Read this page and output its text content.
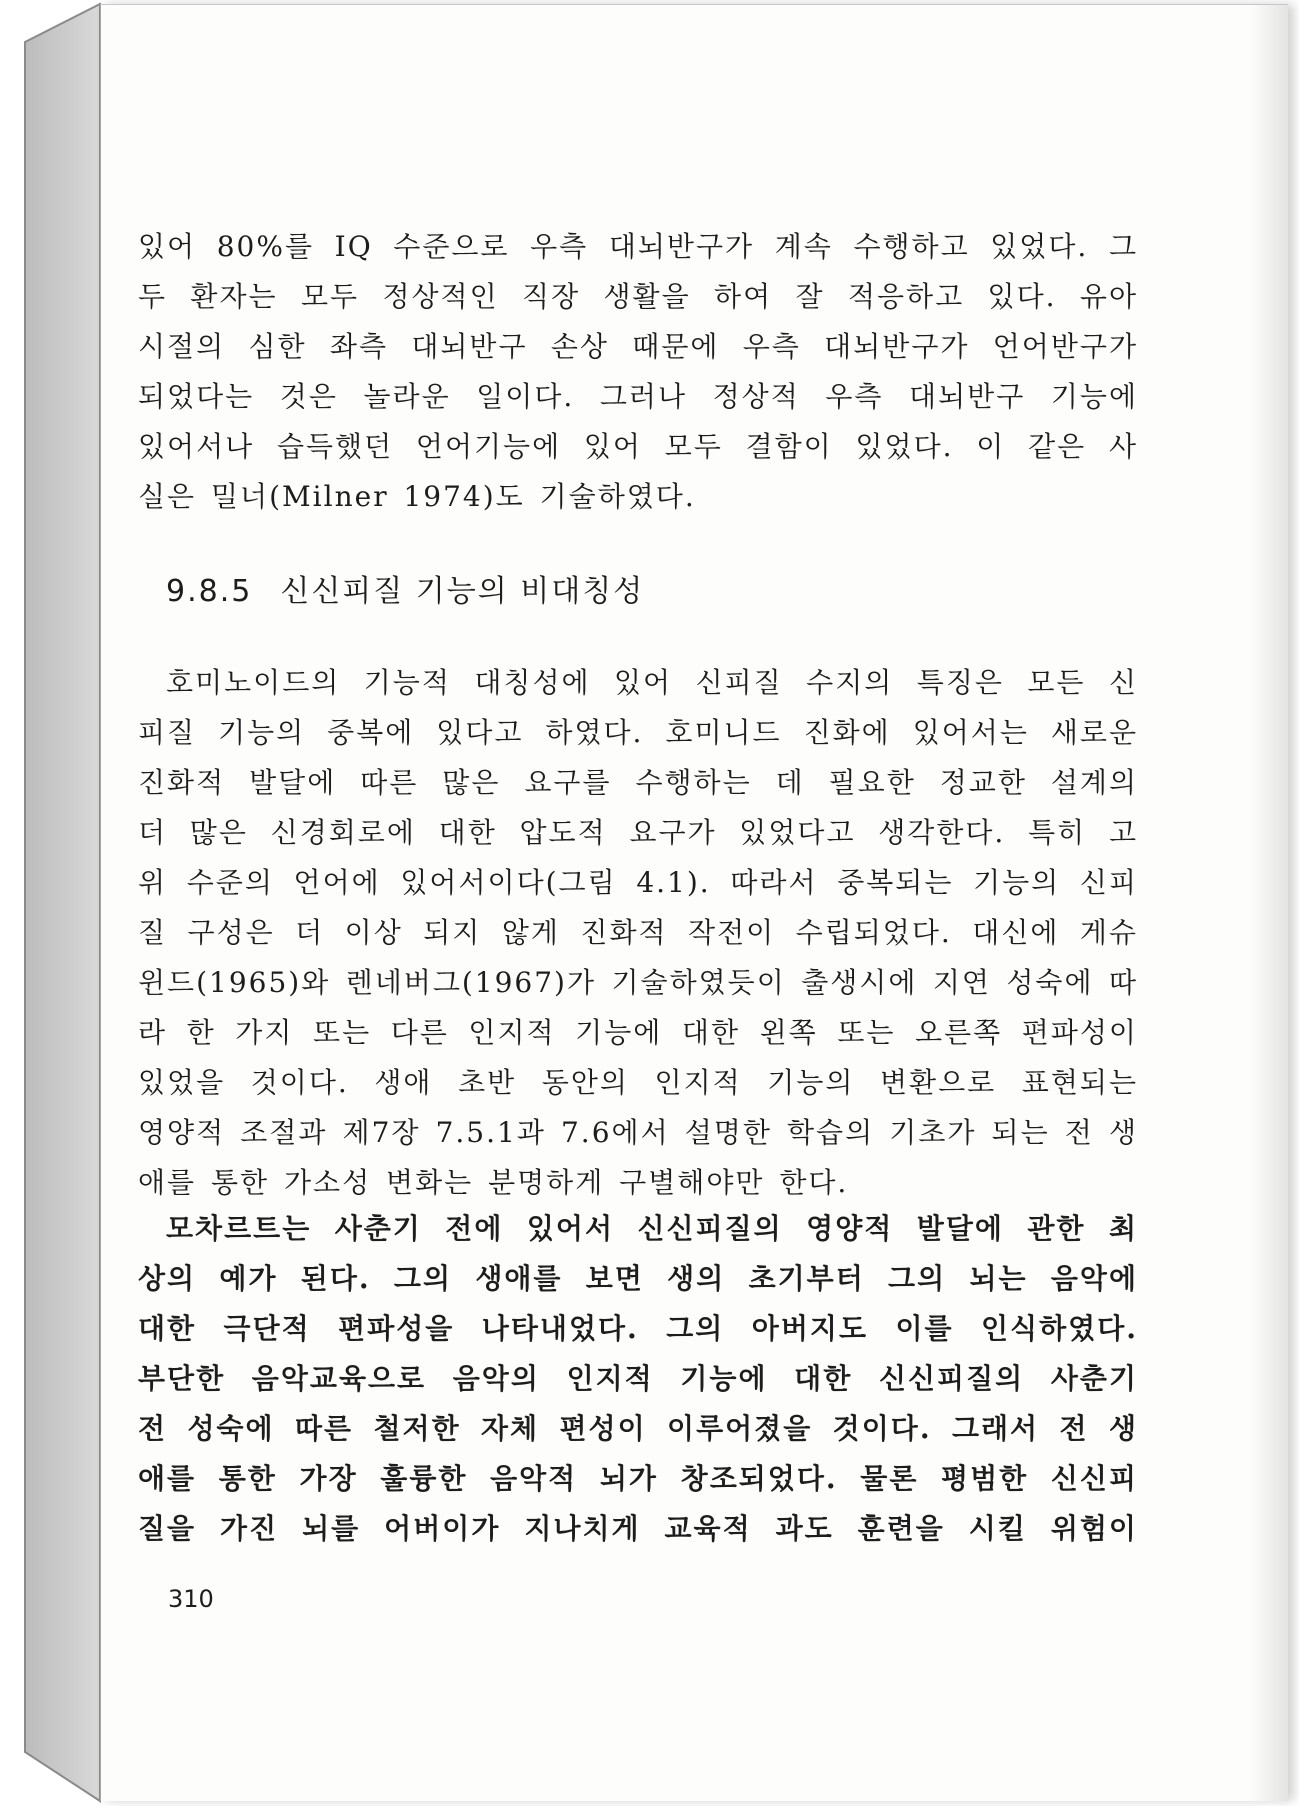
있어 80%를 IQ 수준으로 우측 대뇌반구가 계속 수행하고 있었다. 그
두 환자는 모두 정상적인 직장 생활을 하여 잘 적응하고 있다. 유아
시절의 심한 좌측 대뇌반구 손상 때문에 우측 대뇌반구가 언어반구가
되었다는 것은 놀라운 일이다. 그러나 정상적 우측 대뇌반구 기능에
있어서나 습득했던 언어기능에 있어 모두 결함이 있었다. 이 같은 사
실은 밀너(Milner 1974)도 기술하였다.
9.8.5 신신피질 기능의 비대칭성
호미노이드의 기능적 대칭성에 있어 신피질 수지의 특징은 모든 신
피질 기능의 중복에 있다고 하였다. 호미니드 진화에 있어서는 새로운
진화적 발달에 따른 많은 요구를 수행하는 데 필요한 정교한 설계의
더 많은 신경회로에 대한 압도적 요구가 있었다고 생각한다. 특히 고
위 수준의 언어에 있어서이다(그림 4.1). 따라서 중복되는 기능의 신피
질 구성은 더 이상 되지 않게 진화적 작전이 수립되었다. 대신에 게슈
윈드(1965)와 렌네버그(1967)가 기술하였듯이 출생시에 지연 성숙에 따
라 한 가지 또는 다른 인지적 기능에 대한 왼쪽 또는 오른쪽 편파성이
있었을 것이다. 생애 초반 동안의 인지적 기능의 변환으로 표현되는
영양적 조절과 제7장 7.5.1과 7.6에서 설명한 학습의 기초가 되는 전 생
애를 통한 가소성 변화는 분명하게 구별해야만 한다.
모차르트는 사춘기 전에 있어서 신신피질의 영양적 발달에 관한 최
상의 예가 된다. 그의 생애를 보면 생의 초기부터 그의 뇌는 음악에
대한 극단적 편파성을 나타내었다. 그의 아버지도 이를 인식하였다.
부단한 음악교육으로 음악의 인지적 기능에 대한 신신피질의 사춘기
전 성숙에 따른 철저한 자체 편성이 이루어졌을 것이다. 그래서 전 생
애를 통한 가장 훌륭한 음악적 뇌가 창조되었다. 물론 평범한 신신피
질을 가진 뇌를 어버이가 지나치게 교육적 과도 훈련을 시킬 위험이
310
